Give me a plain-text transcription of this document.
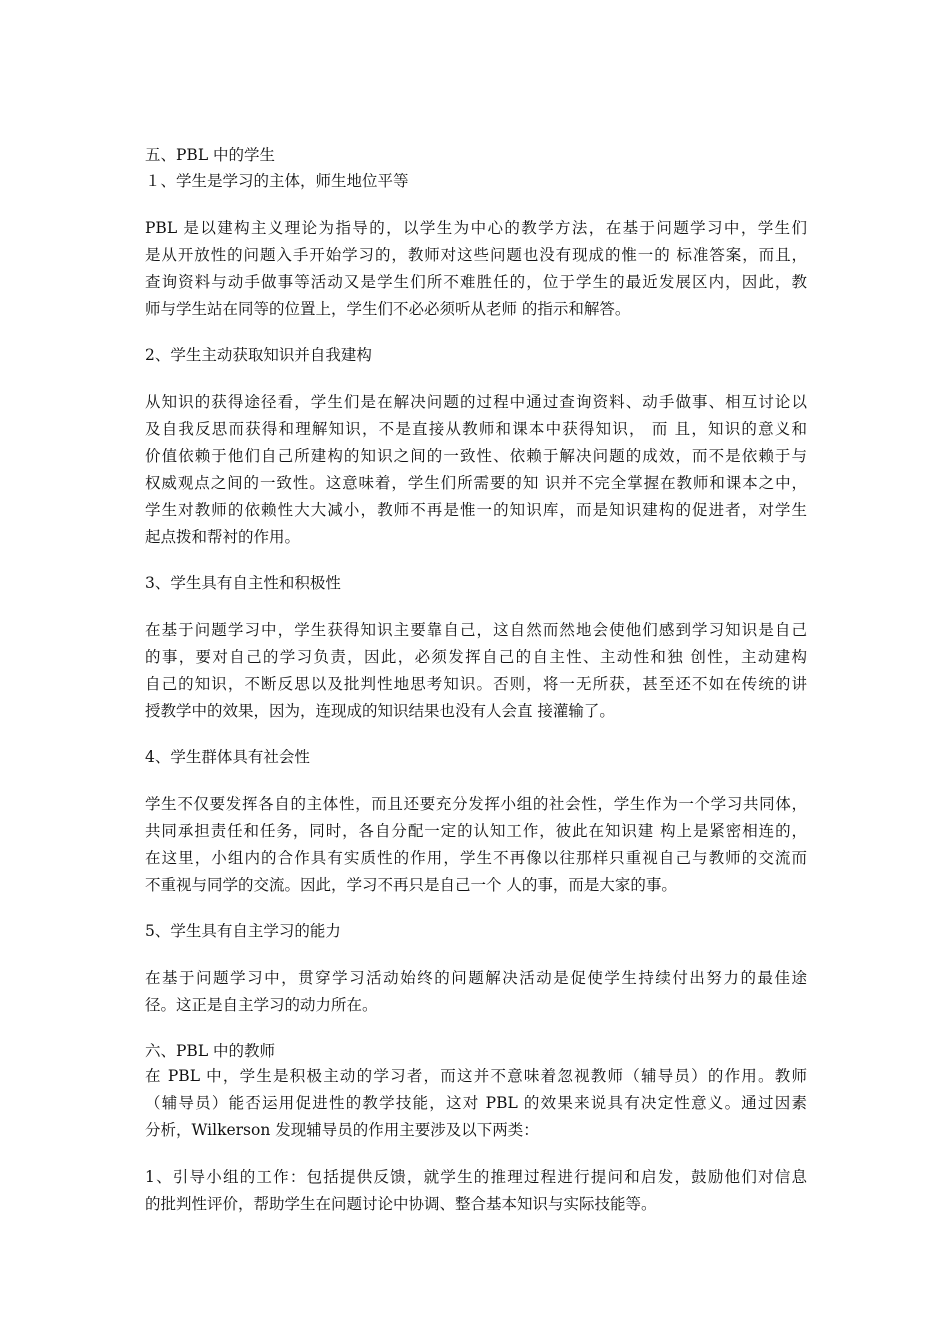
五、PBL 中的学生
１、学生是学习的主体，师生地位平等
PBL 是以建构主义理论为指导的，以学生为中心的教学方法，在基于问题学习中，学生们
是从开放性的问题入手开始学习的，教师对这些问题也没有现成的惟一的 标准答案，而且，
查询资料与动手做事等活动又是学生们所不难胜任的，位于学生的最近发展区内，因此，教
师与学生站在同等的位置上，学生们不必必须听从老师 的指示和解答。
2、学生主动获取知识并自我建构
从知识的获得途径看，学生们是在解决问题的过程中通过查询资料、动手做事、相互讨论以
及自我反思而获得和理解知识，不是直接从教师和课本中获得知识， 而 且，知识的意义和
价值依赖于他们自己所建构的知识之间的一致性、依赖于解决问题的成效，而不是依赖于与
权威观点之间的一致性。这意味着，学生们所需要的知 识并不完全掌握在教师和课本之中，
学生对教师的依赖性大大减小，教师不再是惟一的知识库，而是知识建构的促进者，对学生
起点拨和帮衬的作用。
3、学生具有自主性和积极性
在基于问题学习中，学生获得知识主要靠自己，这自然而然地会使他们感到学习知识是自己
的事，要对自己的学习负责，因此，必须发挥自己的自主性、主动性和独 创性，主动建构
自己的知识，不断反思以及批判性地思考知识。否则，将一无所获，甚至还不如在传统的讲
授教学中的效果，因为，连现成的知识结果也没有人会直 接灌输了。
4、学生群体具有社会性
学生不仅要发挥各自的主体性，而且还要充分发挥小组的社会性，学生作为一个学习共同体，
共同承担责任和任务，同时，各自分配一定的认知工作，彼此在知识建 构上是紧密相连的，
在这里，小组内的合作具有实质性的作用，学生不再像以往那样只重视自己与教师的交流而
不重视与同学的交流。因此，学习不再只是自己一个 人的事，而是大家的事。
5、学生具有自主学习的能力
在基于问题学习中，贯穿学习活动始终的问题解决活动是促使学生持续付出努力的最佳途
径。这正是自主学习的动力所在。
六、PBL 中的教师
在 PBL 中，学生是积极主动的学习者，而这并不意味着忽视教师（辅导员）的作用。教师
（辅导员）能否运用促进性的教学技能，这对 PBL 的效果来说具有决定性意义。通过因素
分析，Wilkerson 发现辅导员的作用主要涉及以下两类：
1、引导小组的工作：包括提供反馈，就学生的推理过程进行提问和启发，鼓励他们对信息
的批判性评价，帮助学生在问题讨论中协调、整合基本知识与实际技能等。
